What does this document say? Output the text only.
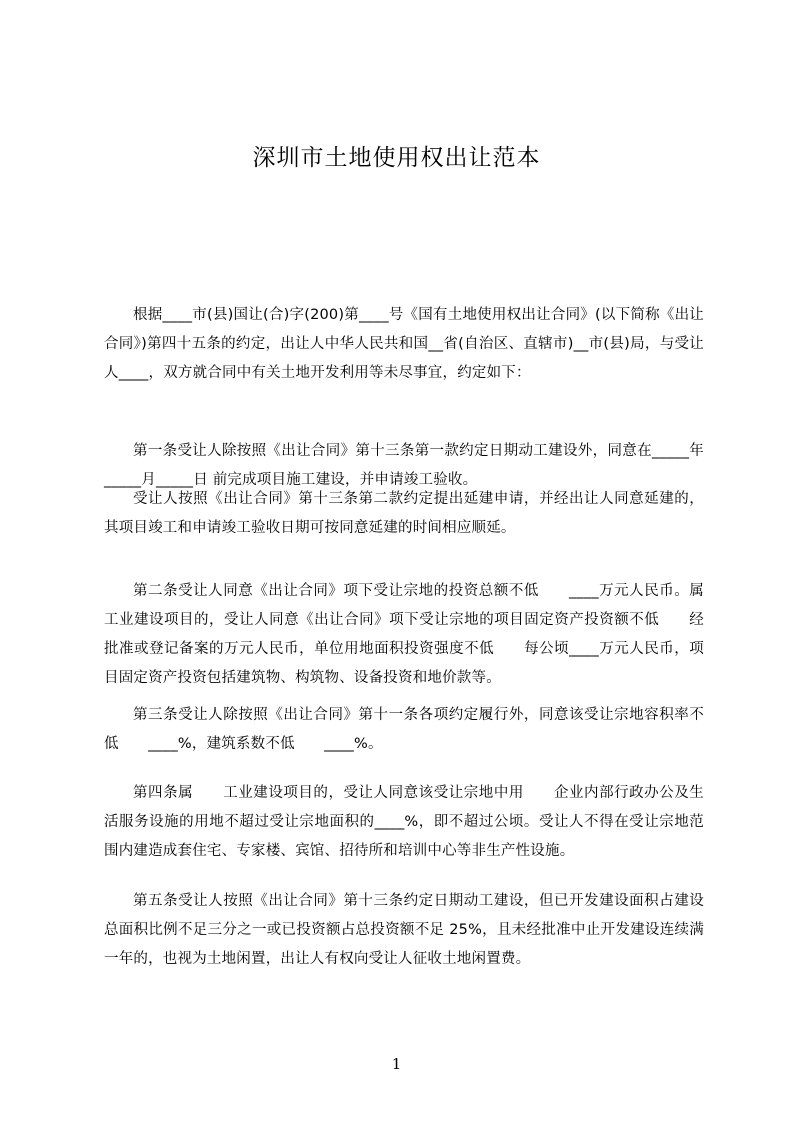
深圳市土地使用权出让范本

根据____市(县)国让(合)字(200)第____号《国有土地使用权出让合同》(以下简称《出让合同》)第四十五条的约定，出让人中华人民共和国__省(自治区、直辖市)__市(县)局，与受让人____，双方就合同中有关土地开发利用等未尽事宜，约定如下：

第一条受让人除按照《出让合同》第十三条第一款约定日期动工建设外，同意在_____年_____月_____日 前完成项目施工建设，并申请竣工验收。

受让人按照《出让合同》第十三条第二款约定提出延建申请，并经出让人同意延建的，其项目竣工和申请竣工验收日期可按同意延建的时间相应顺延。

第二条受让人同意《出让合同》项下受让宗地的投资总额不低　　____万元人民币。属　　工业建设项目的，受让人同意《出让合同》项下受让宗地的项目固定资产投资额不低　　经批准或登记备案的万元人民币，单位用地面积投资强度不低　　每公顷____万元人民币，项目固定资产投资包括建筑物、构筑物、设备投资和地价款等。

第三条受让人除按照《出让合同》第十一条各项约定履行外，同意该受让宗地容积率不低　　____%，建筑系数不低　　____%。

第四条属　　工业建设项目的，受让人同意该受让宗地中用　　企业内部行政办公及生活服务设施的用地不超过受让宗地面积的____%，即不超过公顷。受让人不得在受让宗地范围内建造成套住宅、专家楼、宾馆、招待所和培训中心等非生产性设施。

第五条受让人按照《出让合同》第十三条约定日期动工建设，但已开发建设面积占建设总面积比例不足三分之一或已投资额占总投资额不足 25%，且未经批准中止开发建设连续满一年的，也视为土地闲置，出让人有权向受让人征收土地闲置费。

1
